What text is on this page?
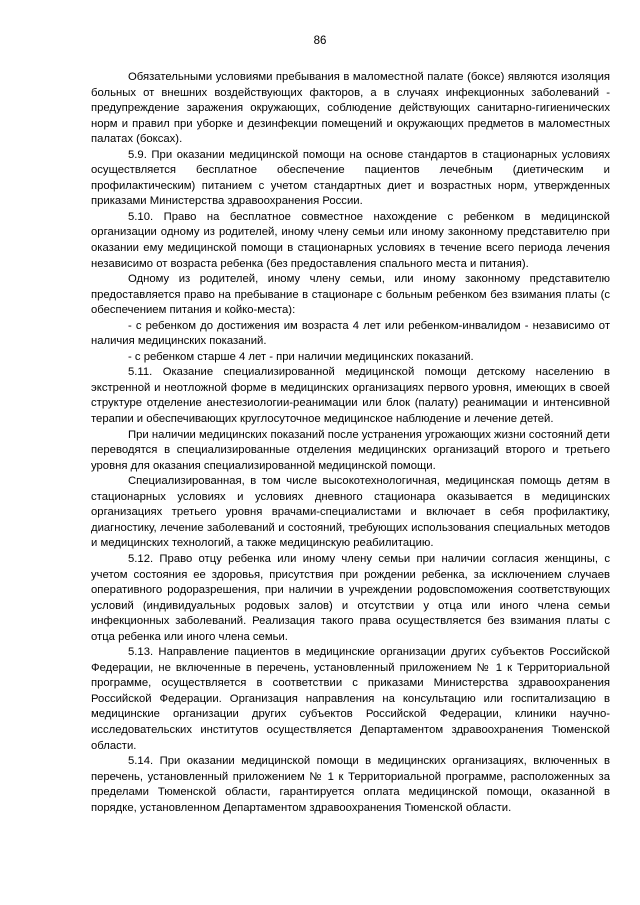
86

Обязательными условиями пребывания в маломестной палате (боксе) являются изоляция больных от внешних воздействующих факторов, а в случаях инфекционных заболеваний - предупреждение заражения окружающих, соблюдение действующих санитарно-гигиенических норм и правил при уборке и дезинфекции помещений и окружающих предметов в маломестных палатах (боксах).

5.9. При оказании медицинской помощи на основе стандартов в стационарных условиях осуществляется бесплатное обеспечение пациентов лечебным (диетическим и профилактическим) питанием с учетом стандартных диет и возрастных норм, утвержденных приказами Министерства здравоохранения России.

5.10. Право на бесплатное совместное нахождение с ребенком в медицинской организации одному из родителей, иному члену семьи или иному законному представителю при оказании ему медицинской помощи в стационарных условиях в течение всего периода лечения независимо от возраста ребенка (без предоставления спального места и питания).

Одному из родителей, иному члену семьи, или иному законному представителю предоставляется право на пребывание в стационаре с больным ребенком без взимания платы (с обеспечением питания и койко-места):

- с ребенком до достижения им возраста 4 лет или ребенком-инвалидом - независимо от наличия медицинских показаний.

- с ребенком старше 4 лет - при наличии медицинских показаний.

5.11. Оказание специализированной медицинской помощи детскому населению в экстренной и неотложной форме в медицинских организациях первого уровня, имеющих в своей структуре отделение анестезиологии-реанимации или блок (палату) реанимации и интенсивной терапии и обеспечивающих круглосуточное медицинское наблюдение и лечение детей.

При наличии медицинских показаний после устранения угрожающих жизни состояний дети переводятся в специализированные отделения медицинских организаций второго и третьего уровня для оказания специализированной медицинской помощи.

Специализированная, в том числе высокотехнологичная, медицинская помощь детям в стационарных условиях и условиях дневного стационара оказывается в медицинских организациях третьего уровня врачами-специалистами и включает в себя профилактику, диагностику, лечение заболеваний и состояний, требующих использования специальных методов и медицинских технологий, а также медицинскую реабилитацию.

5.12. Право отцу ребенка или иному члену семьи при наличии согласия женщины, с учетом состояния ее здоровья, присутствия при рождении ребенка, за исключением случаев оперативного родоразрешения, при наличии в учреждении родовспоможения соответствующих условий (индивидуальных родовых залов) и отсутствии у отца или иного члена семьи инфекционных заболеваний. Реализация такого права осуществляется без взимания платы с отца ребенка или иного члена семьи.

5.13. Направление пациентов в медицинские организации других субъектов Российской Федерации, не включенные в перечень, установленный приложением № 1 к Территориальной программе, осуществляется в соответствии с приказами Министерства здравоохранения Российской Федерации. Организация направления на консультацию или госпитализацию в медицинские организации других субъектов Российской Федерации, клиники научно-исследовательских институтов осуществляется Департаментом здравоохранения Тюменской области.

5.14. При оказании медицинской помощи в медицинских организациях, включенных в перечень, установленный приложением № 1 к Территориальной программе, расположенных за пределами Тюменской области, гарантируется оплата медицинской помощи, оказанной в порядке, установленном Департаментом здравоохранения Тюменской области.
